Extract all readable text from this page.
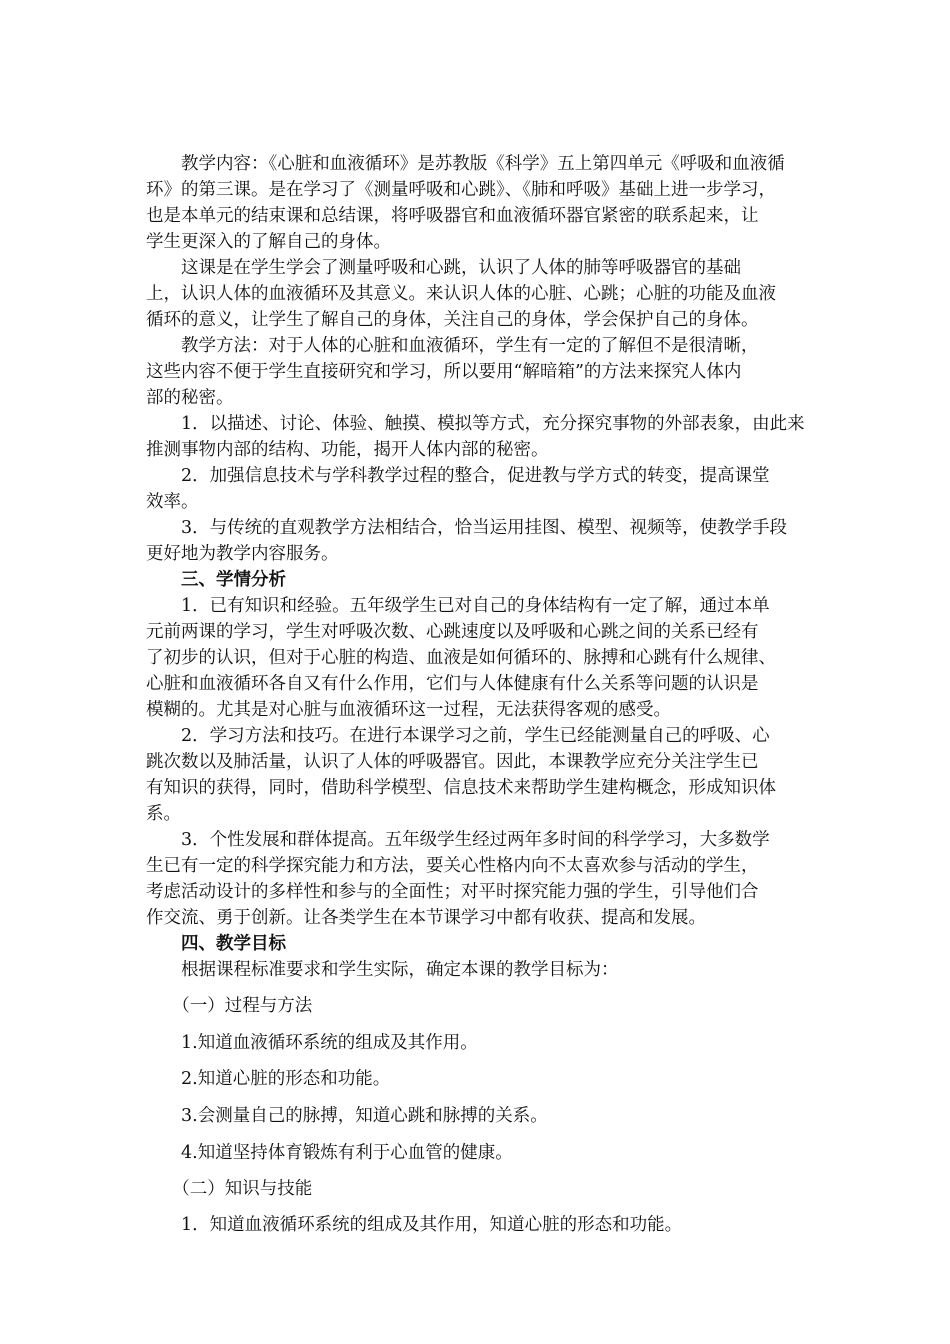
　　教学内容：《心脏和血液循环》是苏教版《科学》五上第四单元《呼吸和血液循
环》的第三课。是在学习了《测量呼吸和心跳》、《肺和呼吸》基础上进一步学习，
也是本单元的结束课和总结课，将呼吸器官和血液循环器官紧密的联系起来，让
学生更深入的了解自己的身体。
　　这课是在学生学会了测量呼吸和心跳，认识了人体的肺等呼吸器官的基础
上，认识人体的血液循环及其意义。来认识人体的心脏、心跳；心脏的功能及血液
循环的意义，让学生了解自己的身体，关注自己的身体，学会保护自己的身体。
　　教学方法：对于人体的心脏和血液循环，学生有一定的了解但不是很清晰，
这些内容不便于学生直接研究和学习，所以要用“解暗箱”的方法来探究人体内
部的秘密。
　　1．以描述、讨论、体验、触摸、模拟等方式，充分探究事物的外部表象，由此来
推测事物内部的结构、功能，揭开人体内部的秘密。
　　2．加强信息技术与学科教学过程的整合，促进教与学方式的转变，提高课堂
效率。
　　3．与传统的直观教学方法相结合，恰当运用挂图、模型、视频等，使教学手段
更好地为教学内容服务。
　　三、学情分析
　　1．已有知识和经验。五年级学生已对自己的身体结构有一定了解，通过本单
元前两课的学习，学生对呼吸次数、心跳速度以及呼吸和心跳之间的关系已经有
了初步的认识，但对于心脏的构造、血液是如何循环的、脉搏和心跳有什么规律、
心脏和血液循环各自又有什么作用，它们与人体健康有什么关系等问题的认识是
模糊的。尤其是对心脏与血液循环这一过程，无法获得客观的感受。
　　2．学习方法和技巧。在进行本课学习之前，学生已经能测量自己的呼吸、心
跳次数以及肺活量，认识了人体的呼吸器官。因此，本课教学应充分关注学生已
有知识的获得，同时，借助科学模型、信息技术来帮助学生建构概念，形成知识体
系。
　　3．个性发展和群体提高。五年级学生经过两年多时间的科学学习，大多数学
生已有一定的科学探究能力和方法，要关心性格内向不太喜欢参与活动的学生，
考虑活动设计的多样性和参与的全面性；对平时探究能力强的学生，引导他们合
作交流、勇于创新。让各类学生在本节课学习中都有收获、提高和发展。
　　四、教学目标
　　根据课程标准要求和学生实际，确定本课的教学目标为：
　　（一）过程与方法
　　1.知道血液循环系统的组成及其作用。
　　2.知道心脏的形态和功能。
　　3.会测量自己的脉搏，知道心跳和脉搏的关系。
　　4.知道坚持体育锻炼有利于心血管的健康。
　　（二）知识与技能
　　1．知道血液循环系统的组成及其作用，知道心脏的形态和功能。
